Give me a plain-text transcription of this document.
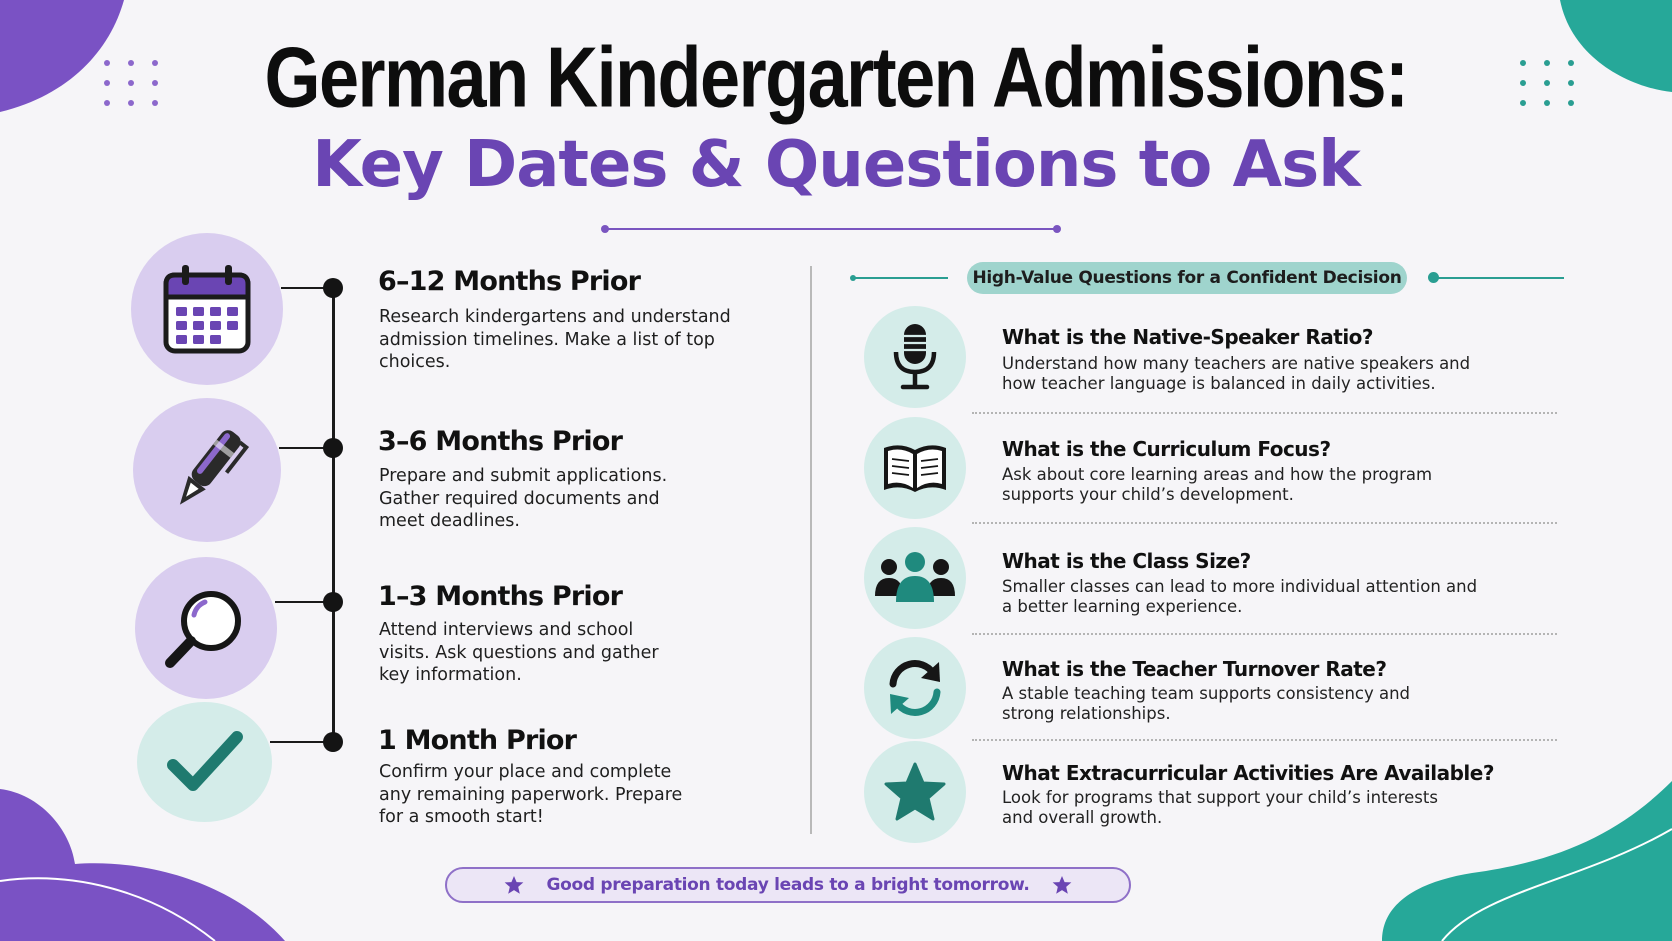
German Kindergarten Admissions:
Key Dates & Questions to Ask
6–12 Months Prior
Research kindergartens and understand admission timelines. Make a list of top choices.
3–6 Months Prior
Prepare and submit applications. Gather required documents and meet deadlines.
1–3 Months Prior
Attend interviews and school visits. Ask questions and gather key information.
1 Month Prior
Confirm your place and complete any remaining paperwork. Prepare for a smooth start!
High-Value Questions for a Confident Decision
What is the Native-Speaker Ratio?
Understand how many teachers are native speakers and how teacher language is balanced in daily activities.
What is the Curriculum Focus?
Ask about core learning areas and how the program supports your child’s development.
What is the Class Size?
Smaller classes can lead to more individual attention and a better learning experience.
What is the Teacher Turnover Rate?
A stable teaching team supports consistency and strong relationships.
What Extracurricular Activities Are Available?
Look for programs that support your child’s interests and overall growth.
Good preparation today leads to a bright tomorrow.
